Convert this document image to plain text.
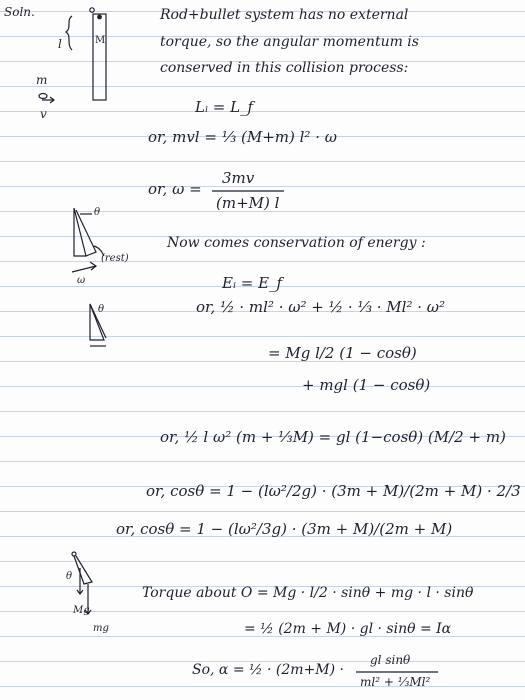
Soln.
l	M
m
v
Rod+bullet system has no external
torque, so the angular momentum is
conserved in this collision process:
Lᵢ = L_f
or, mvl = ⅓ (M+m) l² · ω
or, ω =
3mv
(m+M) l
θ
(rest)
ω
Now comes conservation of energy :
Eᵢ = E_f
θ	or, ½ · ml² · ω² + ½ · ⅓ · Ml² · ω²
= Mg l/2 (1 − cosθ)
+ mgl (1 − cosθ)
or, ½ l ω² (m + ⅓M) = gl (1−cosθ) (M/2 + m)
or, cosθ = 1 − (lω²/2g) · (3m + M)/(2m + M) · 2/3
or, cosθ = 1 − (lω²/3g) · (3m + M)/(2m + M)
θ
Mg
mg
Torque about O = Mg · l/2 · sinθ + mg · l · sinθ
= ½ (2m + M) · gl · sinθ = Iα
So, α = ½ · (2m+M) ·
gl sinθ
ml² + ⅓Ml²
